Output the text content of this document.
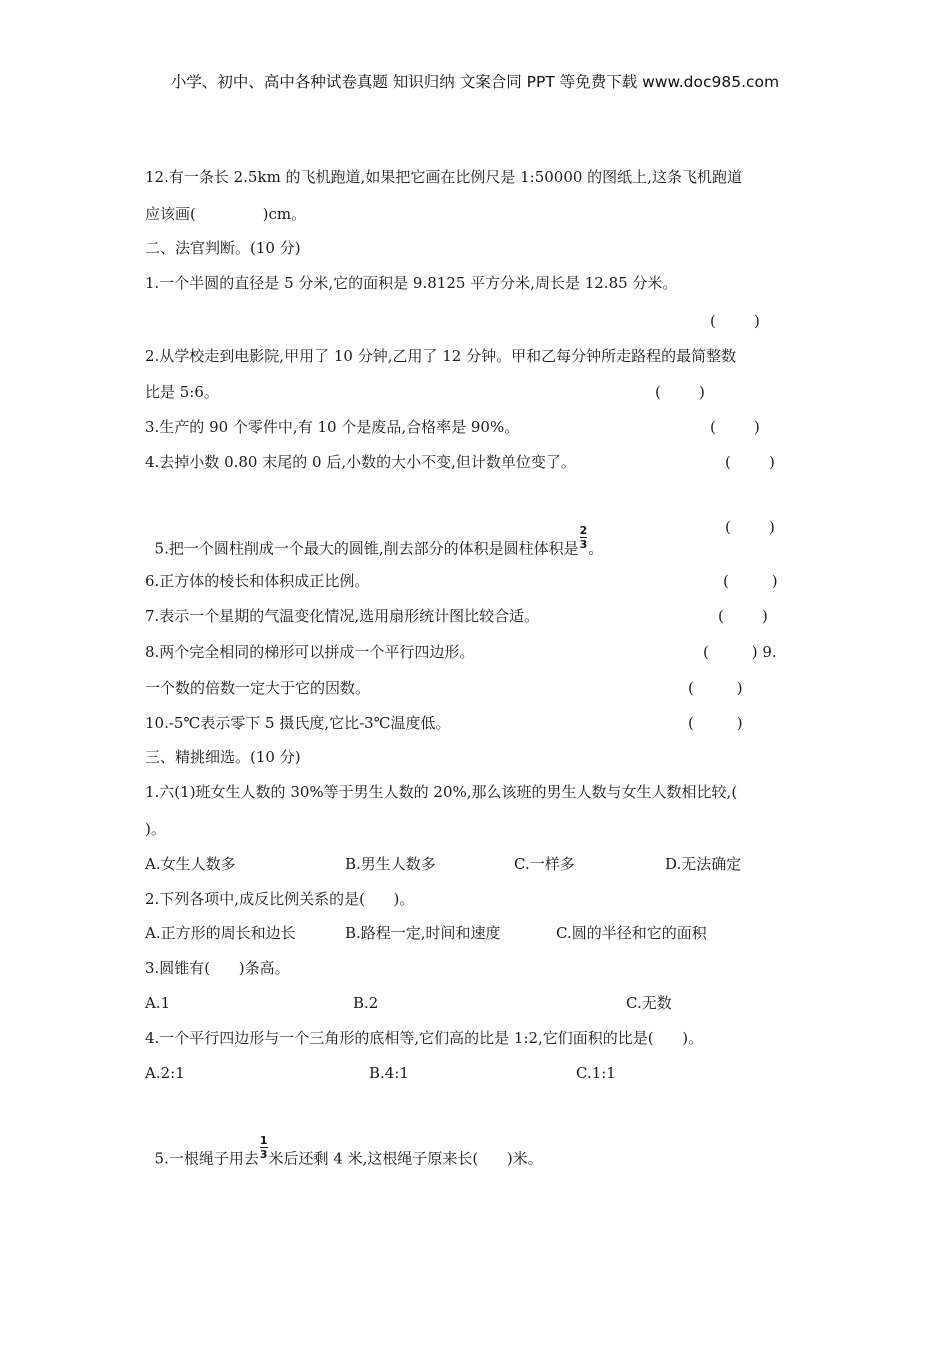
小学、初中、高中各种试卷真题 知识归纳 文案合同 PPT 等免费下载 www.doc985.com
12.有一条长 2.5km 的飞机跑道,如果把它画在比例尺是 1:50000 的图纸上,这条飞机跑道
应该画(              )cm。
二、法官判断。(10 分)
1.一个半圆的直径是 5 分米,它的面积是 9.8125 平方分米,周长是 12.85 分米。
(        )
2.从学校走到电影院,甲用了 10 分钟,乙用了 12 分钟。甲和乙每分钟所走路程的最简整数
比是 5:6。	(        )
3.生产的 90 个零件中,有 10 个是废品,合格率是 90%。	(        )
4.去掉小数 0.80 末尾的 0 后,小数的大小不变,但计数单位变了。	(        )

5.把一个圆柱削成一个最大的圆锥,削去部分的体积是圆柱体积是 $\frac{2}{3}$ 。

(        )
6.正方体的棱长和体积成正比例。	(         )
7.表示一个星期的气温变化情况,选用扇形统计图比较合适。	(        )
8.两个完全相同的梯形可以拼成一个平行四边形。	(         ) 9.
一个数的倍数一定大于它的因数。	(         )
10.-5℃表示零下 5 摄氏度,它比-3℃温度低。	(         )
三、精挑细选。(10 分)
1.六(1)班女生人数的 30%等于男生人数的 20%,那么该班的男生人数与女生人数相比较,(
)。
A.女生人数多	B.男生人数多	C.一样多	D.无法确定
2.下列各项中,成反比例关系的是(      )。
A.正方形的周长和边长	B.路程一定,时间和速度	C.圆的半径和它的面积
3.圆锥有(      )条高。
A.1	B.2	C.无数
4.一个平行四边形与一个三角形的底相等,它们高的比是 1:2,它们面积的比是(      )。
A.2:1	B.4:1	C.1:1

5.一根绳子用去 $\frac{1}{3}$ 米后还剩 4 米,这根绳子原来长(      )米。
